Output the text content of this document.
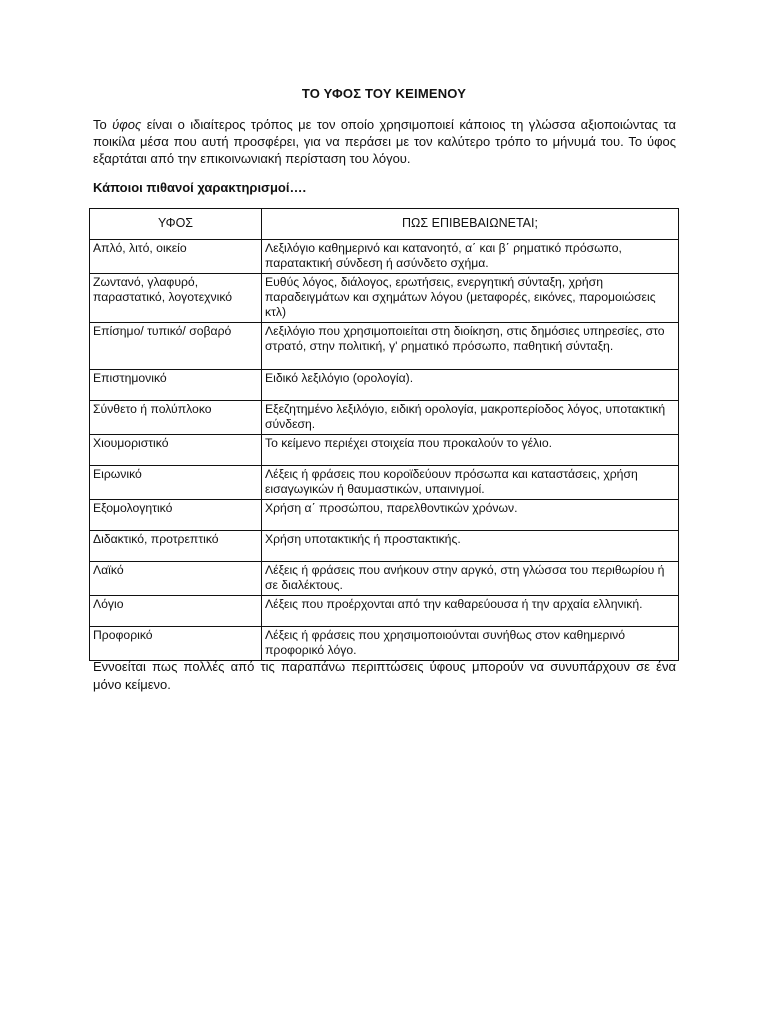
ΤΟ ΥΦΟΣ ΤΟΥ ΚΕΙΜΕΝΟΥ

Το ύφος είναι ο ιδιαίτερος τρόπος με τον οποίο χρησιμοποιεί κάποιος τη γλώσσα αξιοποιώντας τα ποικίλα μέσα που αυτή προσφέρει, για να περάσει με τον καλύτερο τρόπο το μήνυμά του. Το ύφος εξαρτάται από την επικοινωνιακή περίσταση του λόγου.

Κάποιοι πιθανοί χαρακτηρισμοί….
ΥΦΟΣ	ΠΩΣ ΕΠΙΒΕΒΑΙΩΝΕΤΑΙ;
Απλό, λιτό, οικείο	Λεξιλόγιο καθημερινό και κατανοητό, α΄ και β΄ ρηματικό πρόσωπο, παρατακτική σύνδεση ή ασύνδετο σχήμα.
Ζωντανό, γλαφυρό, παραστατικό, λογοτεχνικό	Ευθύς λόγος, διάλογος, ερωτήσεις, ενεργητική σύνταξη, χρήση παραδειγμάτων και σχημάτων λόγου (μεταφορές, εικόνες, παρομοιώσεις κτλ)
Επίσημο/ τυπικό/ σοβαρό	Λεξιλόγιο που χρησιμοποιείται στη διοίκηση, στις δημόσιες υπηρεσίες, στο στρατό, στην πολιτική, γ' ρηματικό πρόσωπο, παθητική σύνταξη.
Επιστημονικό	Ειδικό λεξιλόγιο (ορολογία).
Σύνθετο ή πολύπλοκο	Εξεζητημένο λεξιλόγιο, ειδική ορολογία, μακροπερίοδος λόγος, υποτακτική σύνδεση.
Χιουμοριστικό	Το κείμενο περιέχει στοιχεία που προκαλούν το γέλιο.
Ειρωνικό	Λέξεις ή φράσεις που κοροϊδεύουν πρόσωπα και καταστάσεις, χρήση εισαγωγικών ή θαυμαστικών, υπαινιγμοί.
Εξομολογητικό	Χρήση α΄ προσώπου, παρελθοντικών χρόνων.
Διδακτικό, προτρεπτικό	Χρήση υποτακτικής ή προστακτικής.
Λαϊκό	Λέξεις ή φράσεις που ανήκουν στην αργκό, στη γλώσσα του περιθωρίου ή σε διαλέκτους.
Λόγιο	Λέξεις που προέρχονται από την καθαρεύουσα ή την αρχαία ελληνική.
Προφορικό	Λέξεις ή φράσεις που χρησιμοποιούνται συνήθως στον καθημερινό προφορικό λόγο.

Εννοείται πως πολλές από τις παραπάνω περιπτώσεις ύφους μπορούν να συνυπάρχουν σε ένα μόνο κείμενο.
